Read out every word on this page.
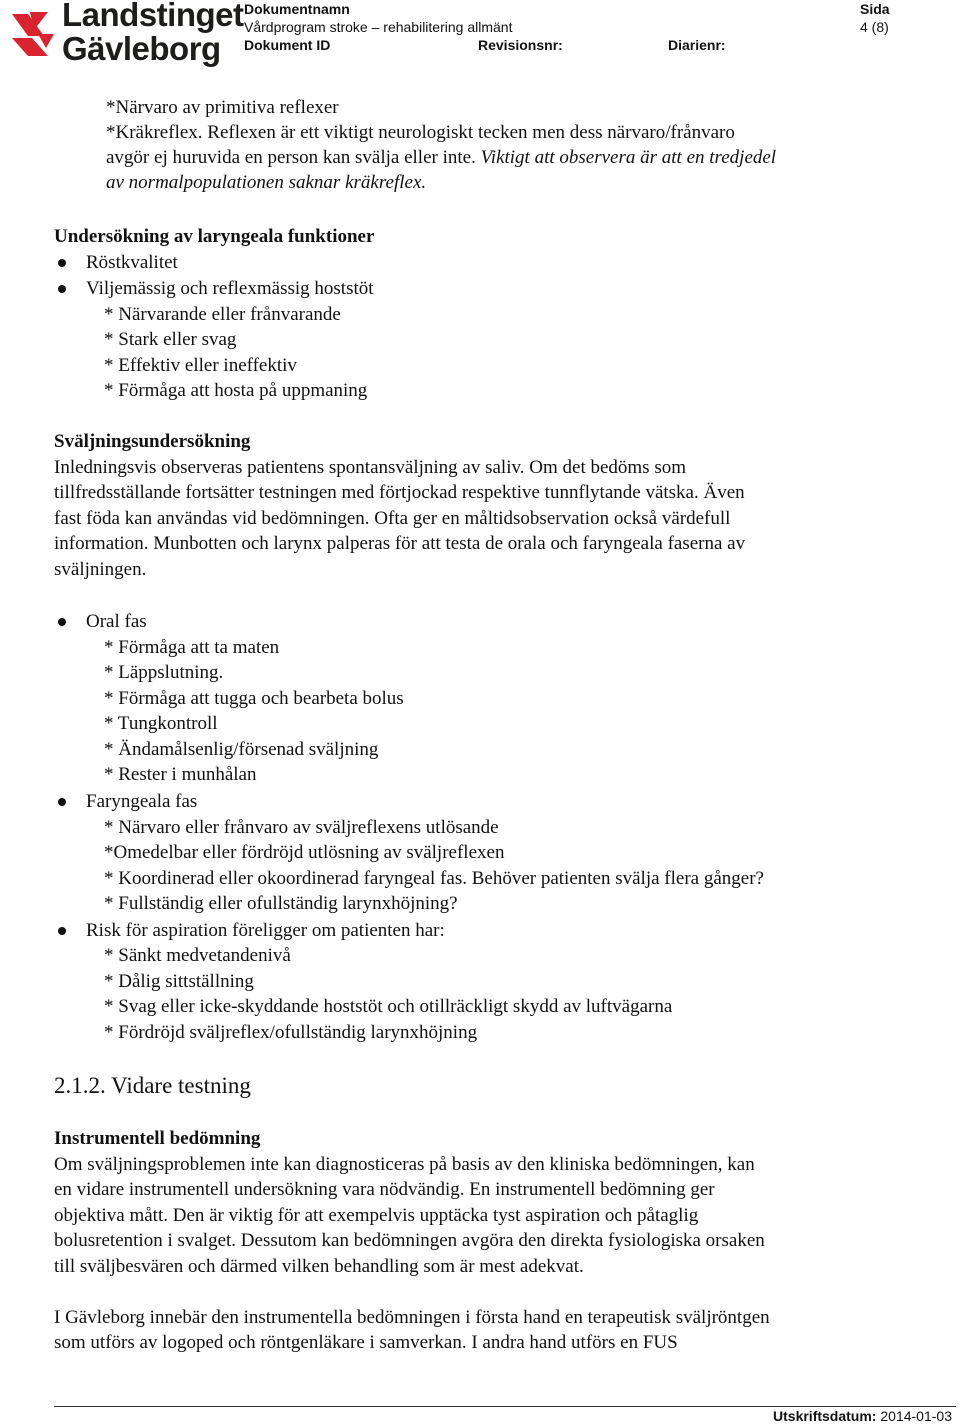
Landstinget
Gävleborg
Dokumentnamn
Vårdprogram stroke – rehabilitering allmänt
Dokument ID	Revisionsnr:	Diarienr:
Sida
4 (8)
*Närvaro av primitiva reflexer
*Kräkreflex. Reflexen är ett viktigt neurologiskt tecken men dess närvaro/frånvaro
avgör ej huruvida en person kan svälja eller inte. Viktigt att observera är att en tredjedel
av normalpopulationen saknar kräkreflex.
Undersökning av laryngeala funktioner
Röstkvalitet
Viljemässig och reflexmässig hoststöt
* Närvarande eller frånvarande
* Stark eller svag
* Effektiv eller ineffektiv
* Förmåga att hosta på uppmaning
Sväljningsundersökning
Inledningsvis observeras patientens spontansväljning av saliv. Om det bedöms som
tillfredsställande fortsätter testningen med förtjockad respektive tunnflytande vätska. Även
fast föda kan användas vid bedömningen. Ofta ger en måltidsobservation också värdefull
information. Munbotten och larynx palperas för att testa de orala och faryngeala faserna av
sväljningen.
Oral fas
* Förmåga att ta maten
* Läppslutning.
* Förmåga att tugga och bearbeta bolus
* Tungkontroll
* Ändamålsenlig/försenad sväljning
* Rester i munhålan
Faryngeala fas
* Närvaro eller frånvaro av sväljreflexens utlösande
*Omedelbar eller fördröjd utlösning av sväljreflexen
* Koordinerad eller okoordinerad faryngeal fas. Behöver patienten svälja flera gånger?
* Fullständig eller ofullständig larynxhöjning?
Risk för aspiration föreligger om patienten har:
* Sänkt medvetandenivå
* Dålig sittställning
* Svag eller icke-skyddande hoststöt och otillräckligt skydd av luftvägarna
* Fördröjd sväljreflex/ofullständig larynxhöjning
2.1.2. Vidare testning
Instrumentell bedömning
Om sväljningsproblemen inte kan diagnosticeras på basis av den kliniska bedömningen, kan
en vidare instrumentell undersökning vara nödvändig. En instrumentell bedömning ger
objektiva mått. Den är viktig för att exempelvis upptäcka tyst aspiration och påtaglig
bolusretention i svalget. Dessutom kan bedömningen avgöra den direkta fysiologiska orsaken
till sväljbesvären och därmed vilken behandling som är mest adekvat.
I Gävleborg innebär den instrumentella bedömningen i första hand en terapeutisk sväljröntgen
som utförs av logoped och röntgenläkare i samverkan. I andra hand utförs en FUS
Utskriftsdatum: 2014-01-03
